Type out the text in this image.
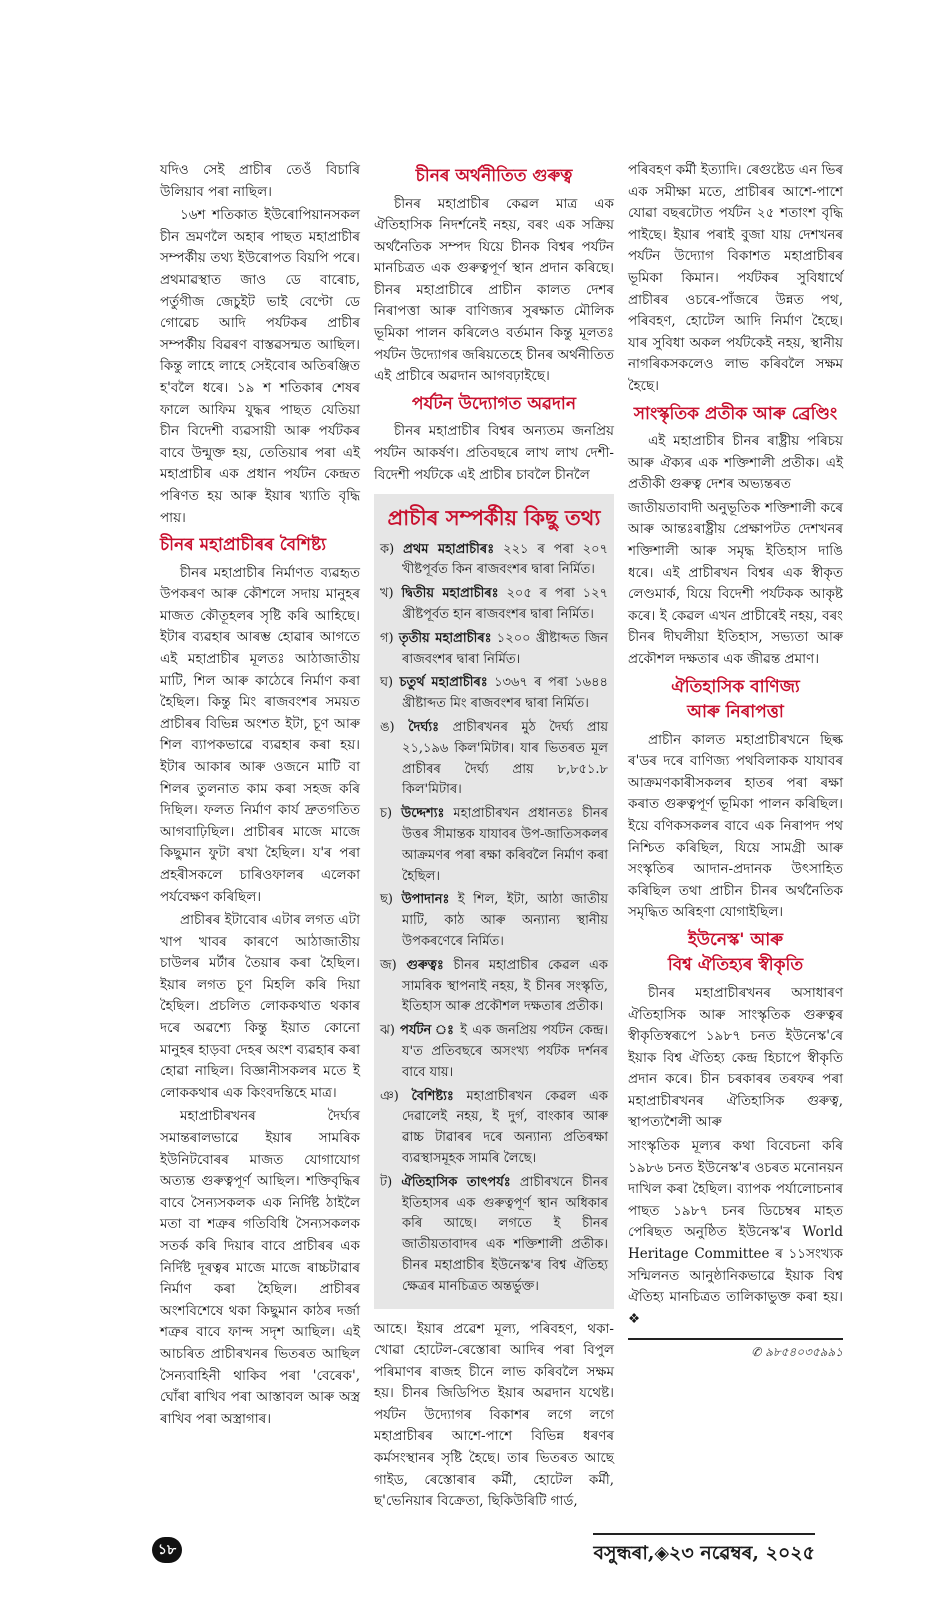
যদিও সেই প্ৰাচীৰ তেওঁ বিচাৰি উলিয়াব পৰা নাছিল।

১৬শ শতিকাত ইউৰোপিয়ানসকল চীন ভ্ৰমণলৈ অহাৰ পাছত মহাপ্ৰাচীৰ সম্পৰ্কীয় তথ্য ইউৰোপত বিয়পি পৰে। প্ৰথমাৱস্থাত জাও ডে বাৰোচ, পৰ্তুগীজ জেচুইট ভাই বেণ্টো ডে গোৱেচ আদি পৰ্যটকৰ প্ৰাচীৰ সম্পৰ্কীয় বিৱৰণ বাস্তৱসন্মত আছিল। কিন্তু লাহে লাহে সেইবোৰ অতিৰঞ্জিত হ'বলৈ ধৰে। ১৯ শ শতিকাৰ শেষৰ ফালে আফিম যুদ্ধৰ পাছত যেতিয়া চীন বিদেশী ব্যৱসায়ী আৰু পৰ্যটকৰ বাবে উন্মুক্ত হয়, তেতিয়াৰ পৰা এই মহাপ্ৰাচীৰ এক প্ৰধান পৰ্যটন কেন্দ্ৰত পৰিণত হয় আৰু ইয়াৰ খ্যাতি বৃদ্ধি পায়।

চীনৰ মহাপ্ৰাচীৰৰ বৈশিষ্ট্য

চীনৰ মহাপ্ৰাচীৰ নিৰ্মাণত ব্যৱহৃত উপকৰণ আৰু কৌশলে সদায় মানুহৰ মাজত কৌতূহলৰ সৃষ্টি কৰি আহিছে। ইটাৰ ব্যৱহাৰ আৰম্ভ হোৱাৰ আগতে এই মহাপ্ৰাচীৰ মূলতঃ আঠাজাতীয় মাটি, শিল আৰু কাঠেৰে নিৰ্মাণ কৰা হৈছিল। কিন্তু মিং ৰাজবংশৰ সময়ত প্ৰাচীৰৰ বিভিন্ন অংশত ইটা, চূণ আৰু শিল ব্যাপকভাৱে ব্যৱহাৰ কৰা হয়। ইটাৰ আকাৰ আৰু ওজনে মাটি বা শিলৰ তুলনাত কাম কৰা সহজ কৰি দিছিল। ফলত নিৰ্মাণ কাৰ্য দ্ৰুতগতিত আগবাঢ়িছিল। প্ৰাচীৰৰ মাজে মাজে কিছুমান ফুটা ৰখা হৈছিল। য'ৰ পৰা প্ৰহৰীসকলে চাৰিওফালৰ এলেকা পৰ্যবেক্ষণ কৰিছিল।

প্ৰাচীৰৰ ইটাবোৰ এটাৰ লগত এটা খাপ খাবৰ কাৰণে আঠাজাতীয় চাউলৰ মৰ্টাৰ তৈয়াৰ কৰা হৈছিল। ইয়াৰ লগত চূণ মিহলি কৰি দিয়া হৈছিল। প্ৰচলিত লোককথাত থকাৰ দৰে অৱশ্যে কিন্তু ইয়াত কোনো মানুহৰ হাড়বা দেহৰ অংশ ব্যৱহাৰ কৰা হোৱা নাছিল। বিজ্ঞানীসকলৰ মতে ই লোককথাৰ এক কিংবদন্তিহে মাত্ৰ।

মহাপ্ৰাচীৰখনৰ দৈৰ্ঘ্যৰ সমান্তৰালভাৱে ইয়াৰ সামৰিক ইউনিটবোৰৰ মাজত যোগাযোগ অত্যন্ত গুৰুত্বপূৰ্ণ আছিল। শক্তিবৃদ্ধিৰ বাবে সৈন্যসকলক এক নিৰ্দিষ্ট ঠাইলৈ মতা বা শত্ৰুৰ গতিবিধি সৈন্যসকলক সতৰ্ক কৰি দিয়াৰ বাবে প্ৰাচীৰৰ এক নিৰ্দিষ্ট দূৰত্বৰ মাজে মাজে ৰাচ্চটাৱাৰ নিৰ্মাণ কৰা হৈছিল। প্ৰাচীৰৰ অংশবিশেষে থকা কিছুমান কাঠৰ দৰ্জা শত্ৰুৰ বাবে ফান্দ সদৃশ আছিল। এই আচৰিত প্ৰাচীৰখনৰ ভিতৰত আছিল সৈন্যবাহিনী থাকিব পৰা 'বেৰেক', ঘোঁৰা ৰাখিব পৰা আস্তাবল আৰু অস্ত্ৰ ৰাখিব পৰা অস্ত্ৰাগাৰ।

চীনৰ অৰ্থনীতিত গুৰুত্ব

চীনৰ মহাপ্ৰাচীৰ কেৱল মাত্ৰ এক ঐতিহাসিক নিদৰ্শনেই নহয়, বৰং এক সক্ৰিয় অৰ্থনৈতিক সম্পদ যিয়ে চীনক বিশ্বৰ পৰ্যটন মানচিত্ৰত এক গুৰুত্বপূৰ্ণ স্থান প্ৰদান কৰিছে। চীনৰ মহাপ্ৰাচীৰে প্ৰাচীন কালত দেশৰ নিৰাপত্তা আৰু বাণিজ্যৰ সুৰক্ষাত মৌলিক ভূমিকা পালন কৰিলেও বৰ্তমান কিন্তু মূলতঃ পৰ্যটন উদ্যোগৰ জৰিয়তেহে চীনৰ অৰ্থনীতিত এই প্ৰাচীৰে অৱদান আগবঢ়াইছে।

পৰ্যটন উদ্যোগত অৱদান

চীনৰ মহাপ্ৰাচীৰ বিশ্বৰ অন্যতম জনপ্ৰিয় পৰ্যটন আকৰ্ষণ। প্ৰতিবছৰে লাখ লাখ দেশী-বিদেশী পৰ্যটকে এই প্ৰাচীৰ চাবলৈ চীনলৈ

প্ৰাচীৰ সম্পৰ্কীয় কিছু তথ্য
ক) প্ৰথম মহাপ্ৰাচীৰঃ ২২১ ৰ পৰা ২০৭ খীষ্টপূৰ্বত কিন ৰাজবংশৰ দ্বাৰা নিৰ্মিত।
খ) দ্বিতীয় মহাপ্ৰাচীৰঃ ২০৫ ৰ পৰা ১২৭ খ্ৰীষ্টপূৰ্বত হান ৰাজবংশৰ দ্বাৰা নিৰ্মিত।
গ) তৃতীয় মহাপ্ৰাচীৰঃ ১২০০ খ্ৰীষ্টাব্দত জিন ৰাজবংশৰ দ্বাৰা নিৰ্মিত।
ঘ) চতুৰ্থ মহাপ্ৰাচীৰঃ ১৩৬৭ ৰ পৰা ১৬৪৪ খ্ৰীষ্টাব্দত মিং ৰাজবংশৰ দ্বাৰা নিৰ্মিত।
ঙ) দৈৰ্ঘ্যঃ প্ৰাচীৰখনৰ মুঠ দৈৰ্ঘ্য প্ৰায় ২১,১৯৬ কিল'মিটাৰ। যাৰ ভিতৰত মূল প্ৰাচীৰৰ দৈৰ্ঘ্য প্ৰায় ৮,৮৫১.৮ কিল'মিটাৰ।
চ) উদ্দেশ্যঃ মহাপ্ৰাচীৰখন প্ৰধানতঃ চীনৰ উত্তৰ সীমান্তক যাযাবৰ উপ-জাতিসকলৰ আক্ৰমণৰ পৰা ৰক্ষা কৰিবলৈ নিৰ্মাণ কৰা হৈছিল।
ছ) উপাদানঃ ই শিল, ইটা, আঠা জাতীয় মাটি, কাঠ আৰু অন্যান্য স্থানীয় উপকৰণেৰে নিৰ্মিত।
জ) গুৰুত্বঃ চীনৰ মহাপ্ৰাচীৰ কেৱল এক সামৰিক স্থাপনাই নহয়, ই চীনৰ সংস্কৃতি, ইতিহাস আৰু প্ৰকৌশল দক্ষতাৰ প্ৰতীক।
ঝ) পৰ্যটন ঃ ই এক জনপ্ৰিয় পৰ্যটন কেন্দ্ৰ। য'ত প্ৰতিবছৰে অসংখ্য পৰ্যটক দৰ্শনৰ বাবে যায়।
ঞ) বৈশিষ্ট্যঃ মহাপ্ৰাচীৰখন কেৱল এক দেৱালেই নহয়, ই দুৰ্গ, বাংকাৰ আৰু ৱাচ্চ টাৱাৰৰ দৰে অন্যান্য প্ৰতিৰক্ষা ব্যৱস্থাসমূহক সামৰি লৈছে।
ট) ঐতিহাসিক তাৎপৰ্যঃ প্ৰাচীৰখনে চীনৰ ইতিহাসৰ এক গুৰুত্বপূৰ্ণ স্থান অধিকাৰ কৰি আছে। লগতে ই চীনৰ জাতীয়তাবাদৰ এক শক্তিশালী প্ৰতীক। চীনৰ মহাপ্ৰাচীৰ ইউনেস্ক'ৰ বিশ্ব ঐতিহ্য ক্ষেত্ৰৰ মানচিত্ৰত অন্তৰ্ভুক্ত।

আহে। ইয়াৰ প্ৰৱেশ মূল্য, পৰিবহণ, থকা-খোৱা হোটেল-ৰেস্তোৰা আদিৰ পৰা বিপুল পৰিমাণৰ ৰাজহ চীনে লাভ কৰিবলৈ সক্ষম হয়। চীনৰ জিডিপিত ইয়াৰ অৱদান যথেষ্ট। পৰ্যটন উদ্যোগৰ বিকাশৰ লগে লগে মহাপ্ৰাচীৰৰ আশে-পাশে বিভিন্ন ধৰণৰ কৰ্মসংস্থানৰ সৃষ্টি হৈছে। তাৰ ভিতৰত আছে গাইড, ৰেস্তোৰাৰ কৰ্মী, হোটেল কৰ্মী, ছ'ভেনিয়াৰ বিক্ৰেতা, ছিকিউৰিটি গাৰ্ড,

পৰিবহণ কৰ্মী ইত্যাদি। ৰেগুষ্টেড এন ভিৰ এক সমীক্ষা মতে, প্ৰাচীৰৰ আশে-পাশে যোৱা বছৰটোত পৰ্যটন ২৫ শতাংশ বৃদ্ধি পাইছে। ইয়াৰ পৰাই বুজা যায় দেশখনৰ পৰ্যটন উদ্যোগ বিকাশত মহাপ্ৰাচীৰৰ ভূমিকা কিমান। পৰ্যটকৰ সুবিধাৰ্থে প্ৰাচীৰৰ ওচৰে-পাঁজৰে উন্নত পথ, পৰিবহণ, হোটেল আদি নিৰ্মাণ হৈছে। যাৰ সুবিধা অকল পৰ্যটকেই নহয়, স্থানীয় নাগৰিকসকলেও লাভ কৰিবলৈ সক্ষম হৈছে।

সাংস্কৃতিক প্ৰতীক আৰু ব্ৰেণ্ডিং

এই মহাপ্ৰাচীৰ চীনৰ ৰাষ্ট্ৰীয় পৰিচয় আৰু ঐক্যৰ এক শক্তিশালী প্ৰতীক। এই প্ৰতীকী গুৰুত্ব দেশৰ অভ্যন্তৰত

জাতীয়তাবাদী অনুভূতিক শক্তিশালী কৰে আৰু আন্তঃৰাষ্ট্ৰীয় প্ৰেক্ষাপটত দেশখনৰ শক্তিশালী আৰু সমৃদ্ধ ইতিহাস দাঙি ধৰে। এই প্ৰাচীৰখন বিশ্বৰ এক স্বীকৃত লেণ্ডমাৰ্ক, যিয়ে বিদেশী পৰ্যটকক আকৃষ্ট কৰে। ই কেৱল এখন প্ৰাচীৰেই নহয়, বৰং চীনৰ দীঘলীয়া ইতিহাস, সভ্যতা আৰু প্ৰকৌশল দক্ষতাৰ এক জীৱন্ত প্ৰমাণ।

ঐতিহাসিক বাণিজ্য
আৰু নিৰাপত্তা

প্ৰাচীন কালত মহাপ্ৰাচীৰখনে ছিল্ক ৰ'ডৰ দৰে বাণিজ্য পথবিলাকক যাযাবৰ আক্ৰমণকাৰীসকলৰ হাতৰ পৰা ৰক্ষা কৰাত গুৰুত্বপূৰ্ণ ভূমিকা পালন কৰিছিল। ইয়ে বণিকসকলৰ বাবে এক নিৰাপদ পথ নিশ্চিত কৰিছিল, যিয়ে সামগ্ৰী আৰু সংস্কৃতিৰ আদান-প্ৰদানক উৎসাহিত কৰিছিল তথা প্ৰাচীন চীনৰ অৰ্থনৈতিক সমৃদ্ধিত অৰিহণা যোগাইছিল।

ইউনেস্ক' আৰু
বিশ্ব ঐতিহ্যৰ স্বীকৃতি

চীনৰ মহাপ্ৰাচীৰখনৰ অসাধাৰণ ঐতিহাসিক আৰু সাংস্কৃতিক গুৰুত্বৰ স্বীকৃতিস্বৰূপে ১৯৮৭ চনত ইউনেস্ক'ৰে ইয়াক বিশ্ব ঐতিহ্য কেন্দ্ৰ হিচাপে স্বীকৃতি প্ৰদান কৰে। চীন চৰকাৰৰ তৰফৰ পৰা মহাপ্ৰাচীৰখনৰ ঐতিহাসিক গুৰুত্ব, স্থাপত্যশৈলী আৰু

সাংস্কৃতিক মূল্যৰ কথা বিবেচনা কৰি ১৯৮৬ চনত ইউনেস্ক'ৰ ওচৰত মনোনয়ন দাখিল কৰা হৈছিল। ব্যাপক পৰ্যালোচনাৰ পাছত ১৯৮৭ চনৰ ডিচেম্বৰ মাহত পেৰিছত অনুষ্ঠিত ইউনেস্ক'ৰ World Heritage Committee ৰ ১১সংখ্যক সন্মিলনত আনুষ্ঠানিকভাৱে ইয়াক বিশ্ব ঐতিহ্য মানচিত্ৰত তালিকাভুক্ত কৰা হয়। ❖

✆ ৯৮৫৪০৩৫৯৯১
১৮	বসুন্ধৰা,◈২৩ নৱেম্বৰ, ২০২৫
